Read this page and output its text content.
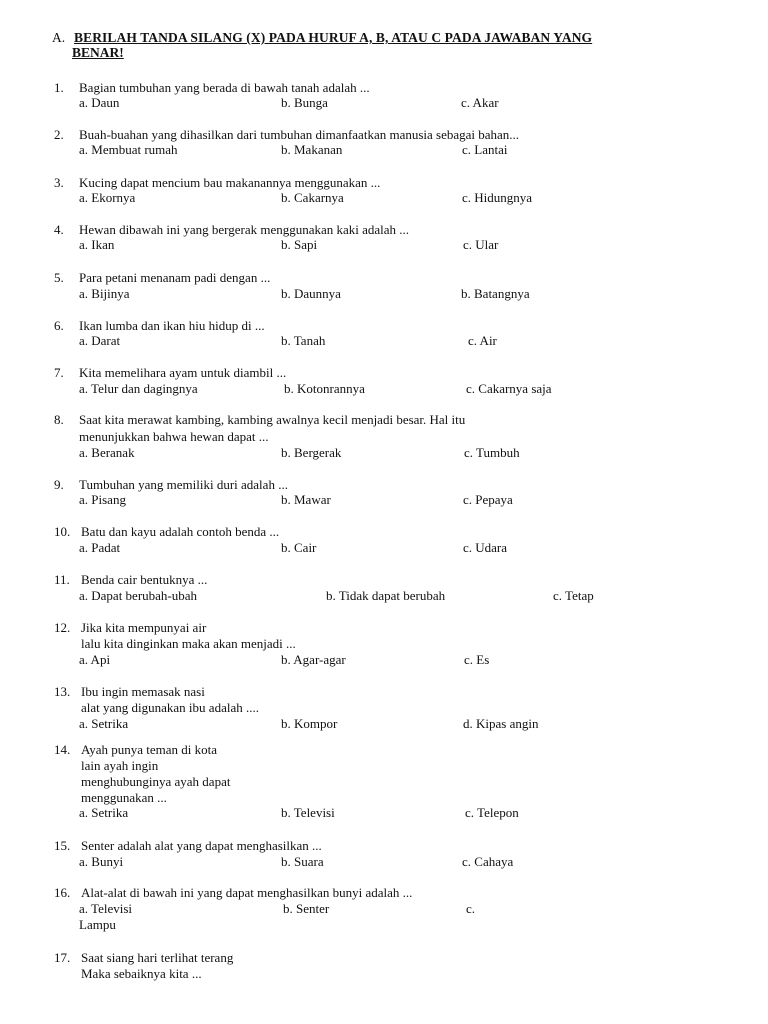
A. BERILAH TANDA SILANG (X) PADA HURUF A, B, ATAU C PADA JAWABAN YANG
BENAR!
1. Bagian tumbuhan yang berada di bawah tanah adalah ...
a. Daun	b. Bunga	c. Akar
2. Buah-buahan yang dihasilkan dari tumbuhan dimanfaatkan manusia sebagai bahan...
a. Membuat rumah	b. Makanan	c. Lantai
3. Kucing dapat mencium bau makanannya menggunakan ...
a. Ekornya	b. Cakarnya	c. Hidungnya
4. Hewan dibawah ini yang bergerak menggunakan kaki adalah ...
a. Ikan	b. Sapi	c. Ular
5. Para petani menanam padi dengan ...
a. Bijinya	b. Daunnya	b. Batangnya
6. Ikan lumba dan ikan hiu hidup di ...
a. Darat	b. Tanah	c. Air
7. Kita memelihara ayam untuk diambil ...
a. Telur dan dagingnya	b. Kotonrannya	c. Cakarnya saja
8. Saat kita merawat kambing, kambing awalnya kecil menjadi besar. Hal itu
menunjukkan bahwa hewan dapat ...
a. Beranak	b. Bergerak	c. Tumbuh
9. Tumbuhan yang memiliki duri adalah ...
a. Pisang	b. Mawar	c. Pepaya
10. Batu dan kayu adalah contoh benda ...
a. Padat	b. Cair	c. Udara
11. Benda cair bentuknya ...
a. Dapat berubah-ubah	b. Tidak dapat berubah	c. Tetap
12. Jika kita mempunyai air
lalu kita dinginkan maka akan menjadi ...
a. Api	b. Agar-agar	c. Es
13. Ibu ingin memasak nasi
alat yang digunakan ibu adalah ....
a. Setrika	b. Kompor	d. Kipas angin
14. Ayah punya teman di kota
lain ayah ingin
menghubunginya ayah dapat
menggunakan ...
a. Setrika	b. Televisi	c. Telepon
15. Senter adalah alat yang dapat menghasilkan ...
a. Bunyi	b. Suara	c. Cahaya
16. Alat-alat di bawah ini yang dapat menghasilkan bunyi adalah ...
a. Televisi	b. Senter	c.
Lampu
17. Saat siang hari terlihat terang
Maka sebaiknya kita ...
